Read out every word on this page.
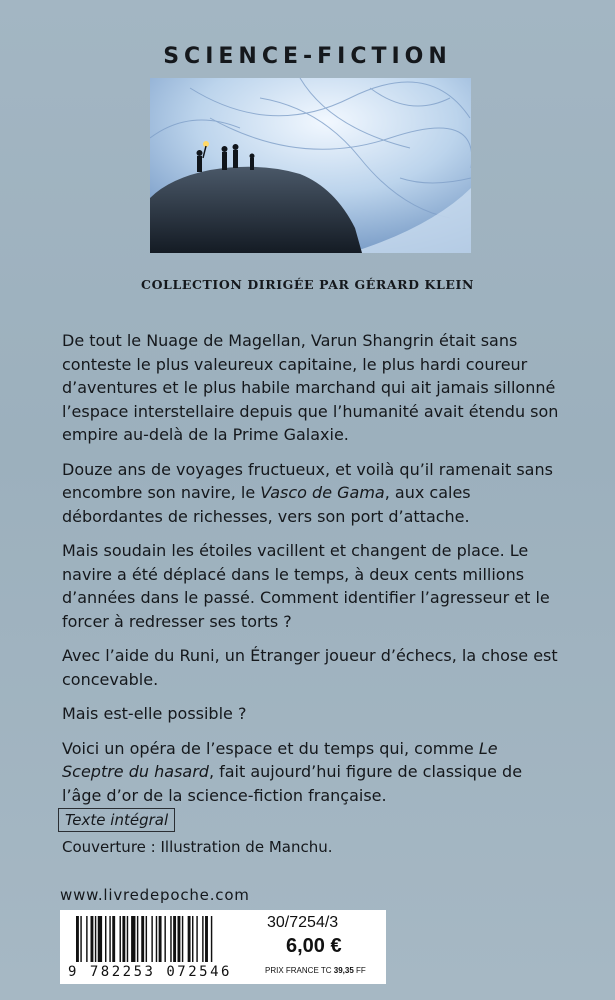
SCIENCE-FICTION
COLLECTION DIRIGÉE PAR GÉRARD KLEIN

De tout le Nuage de Magellan, Varun Shangrin était sans conteste le plus valeureux capitaine, le plus hardi coureur d’aventures et le plus habile marchand qui ait jamais sillonné l’espace interstellaire depuis que l’humanité avait étendu son empire au-delà de la Prime Galaxie.

Douze ans de voyages fructueux, et voilà qu’il ramenait sans encombre son navire, le Vasco de Gama, aux cales débordantes de richesses, vers son port d’attache.

Mais soudain les étoiles vacillent et changent de place. Le navire a été déplacé dans le temps, à deux cents millions d’années dans le passé. Comment identifier l’agresseur et le forcer à redresser ses torts ?

Avec l’aide du Runi, un Étranger joueur d’échecs, la chose est concevable.

Mais est-elle possible ?

Voici un opéra de l’espace et du temps qui, comme Le Sceptre du hasard, fait aujourd’hui figure de classique de l’âge d’or de la science-fiction française.

Texte intégral
Couverture : Illustration de Manchu.
www.livredepoche.com
9 782253 072546
30/7254/3
6,00 €
PRIX FRANCE TC 39,35 FF
